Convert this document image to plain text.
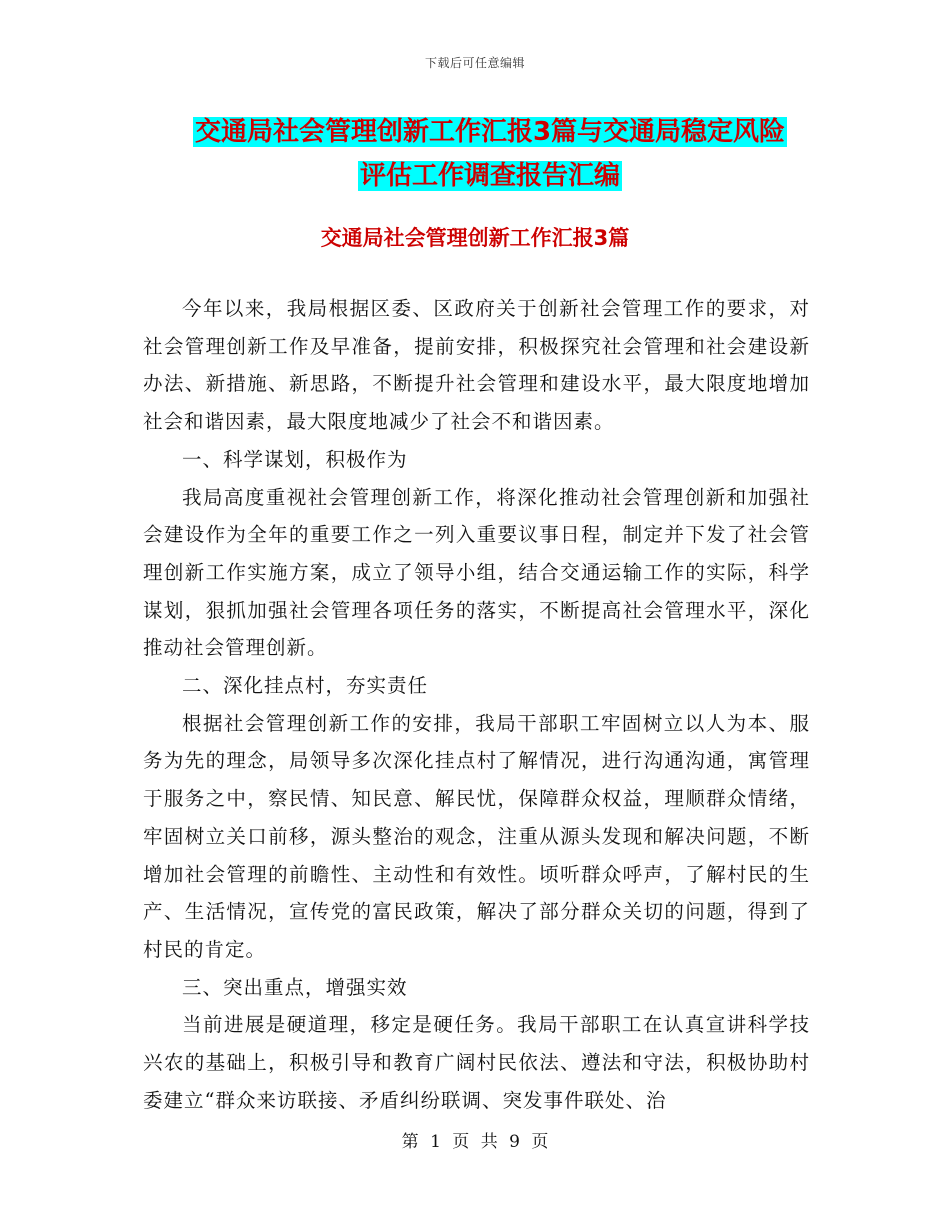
下载后可任意编辑
交通局社会管理创新工作汇报3篇与交通局稳定风险
评估工作调查报告汇编
交通局社会管理创新工作汇报3篇

今年以来，我局根据区委、区政府关于创新社会管理工作的要求，对社会管理创新工作及早准备，提前安排，积极探究社会管理和社会建设新办法、新措施、新思路，不断提升社会管理和建设水平，最大限度地增加社会和谐因素，最大限度地减少了社会不和谐因素。

一、科学谋划，积极作为

我局高度重视社会管理创新工作，将深化推动社会管理创新和加强社会建设作为全年的重要工作之一列入重要议事日程，制定并下发了社会管理创新工作实施方案，成立了领导小组，结合交通运输工作的实际，科学谋划，狠抓加强社会管理各项任务的落实，不断提高社会管理水平，深化推动社会管理创新。

二、深化挂点村，夯实责任

根据社会管理创新工作的安排，我局干部职工牢固树立以人为本、服务为先的理念，局领导多次深化挂点村了解情况，进行沟通沟通，寓管理于服务之中，察民情、知民意、解民忧，保障群众权益，理顺群众情绪，牢固树立关口前移，源头整治的观念，注重从源头发现和解决问题，不断增加社会管理的前瞻性、主动性和有效性。顷听群众呼声，了解村民的生产、生活情况，宣传党的富民政策，解决了部分群众关切的问题，得到了村民的肯定。

三、突出重点，增强实效

当前进展是硬道理，移定是硬任务。我局干部职工在认真宣讲科学技兴农的基础上，积极引导和教育广阔村民依法、遵法和守法，积极协助村委建立“群众来访联接、矛盾纠纷联调、突发事件联处、治

第 1 页 共 9 页
